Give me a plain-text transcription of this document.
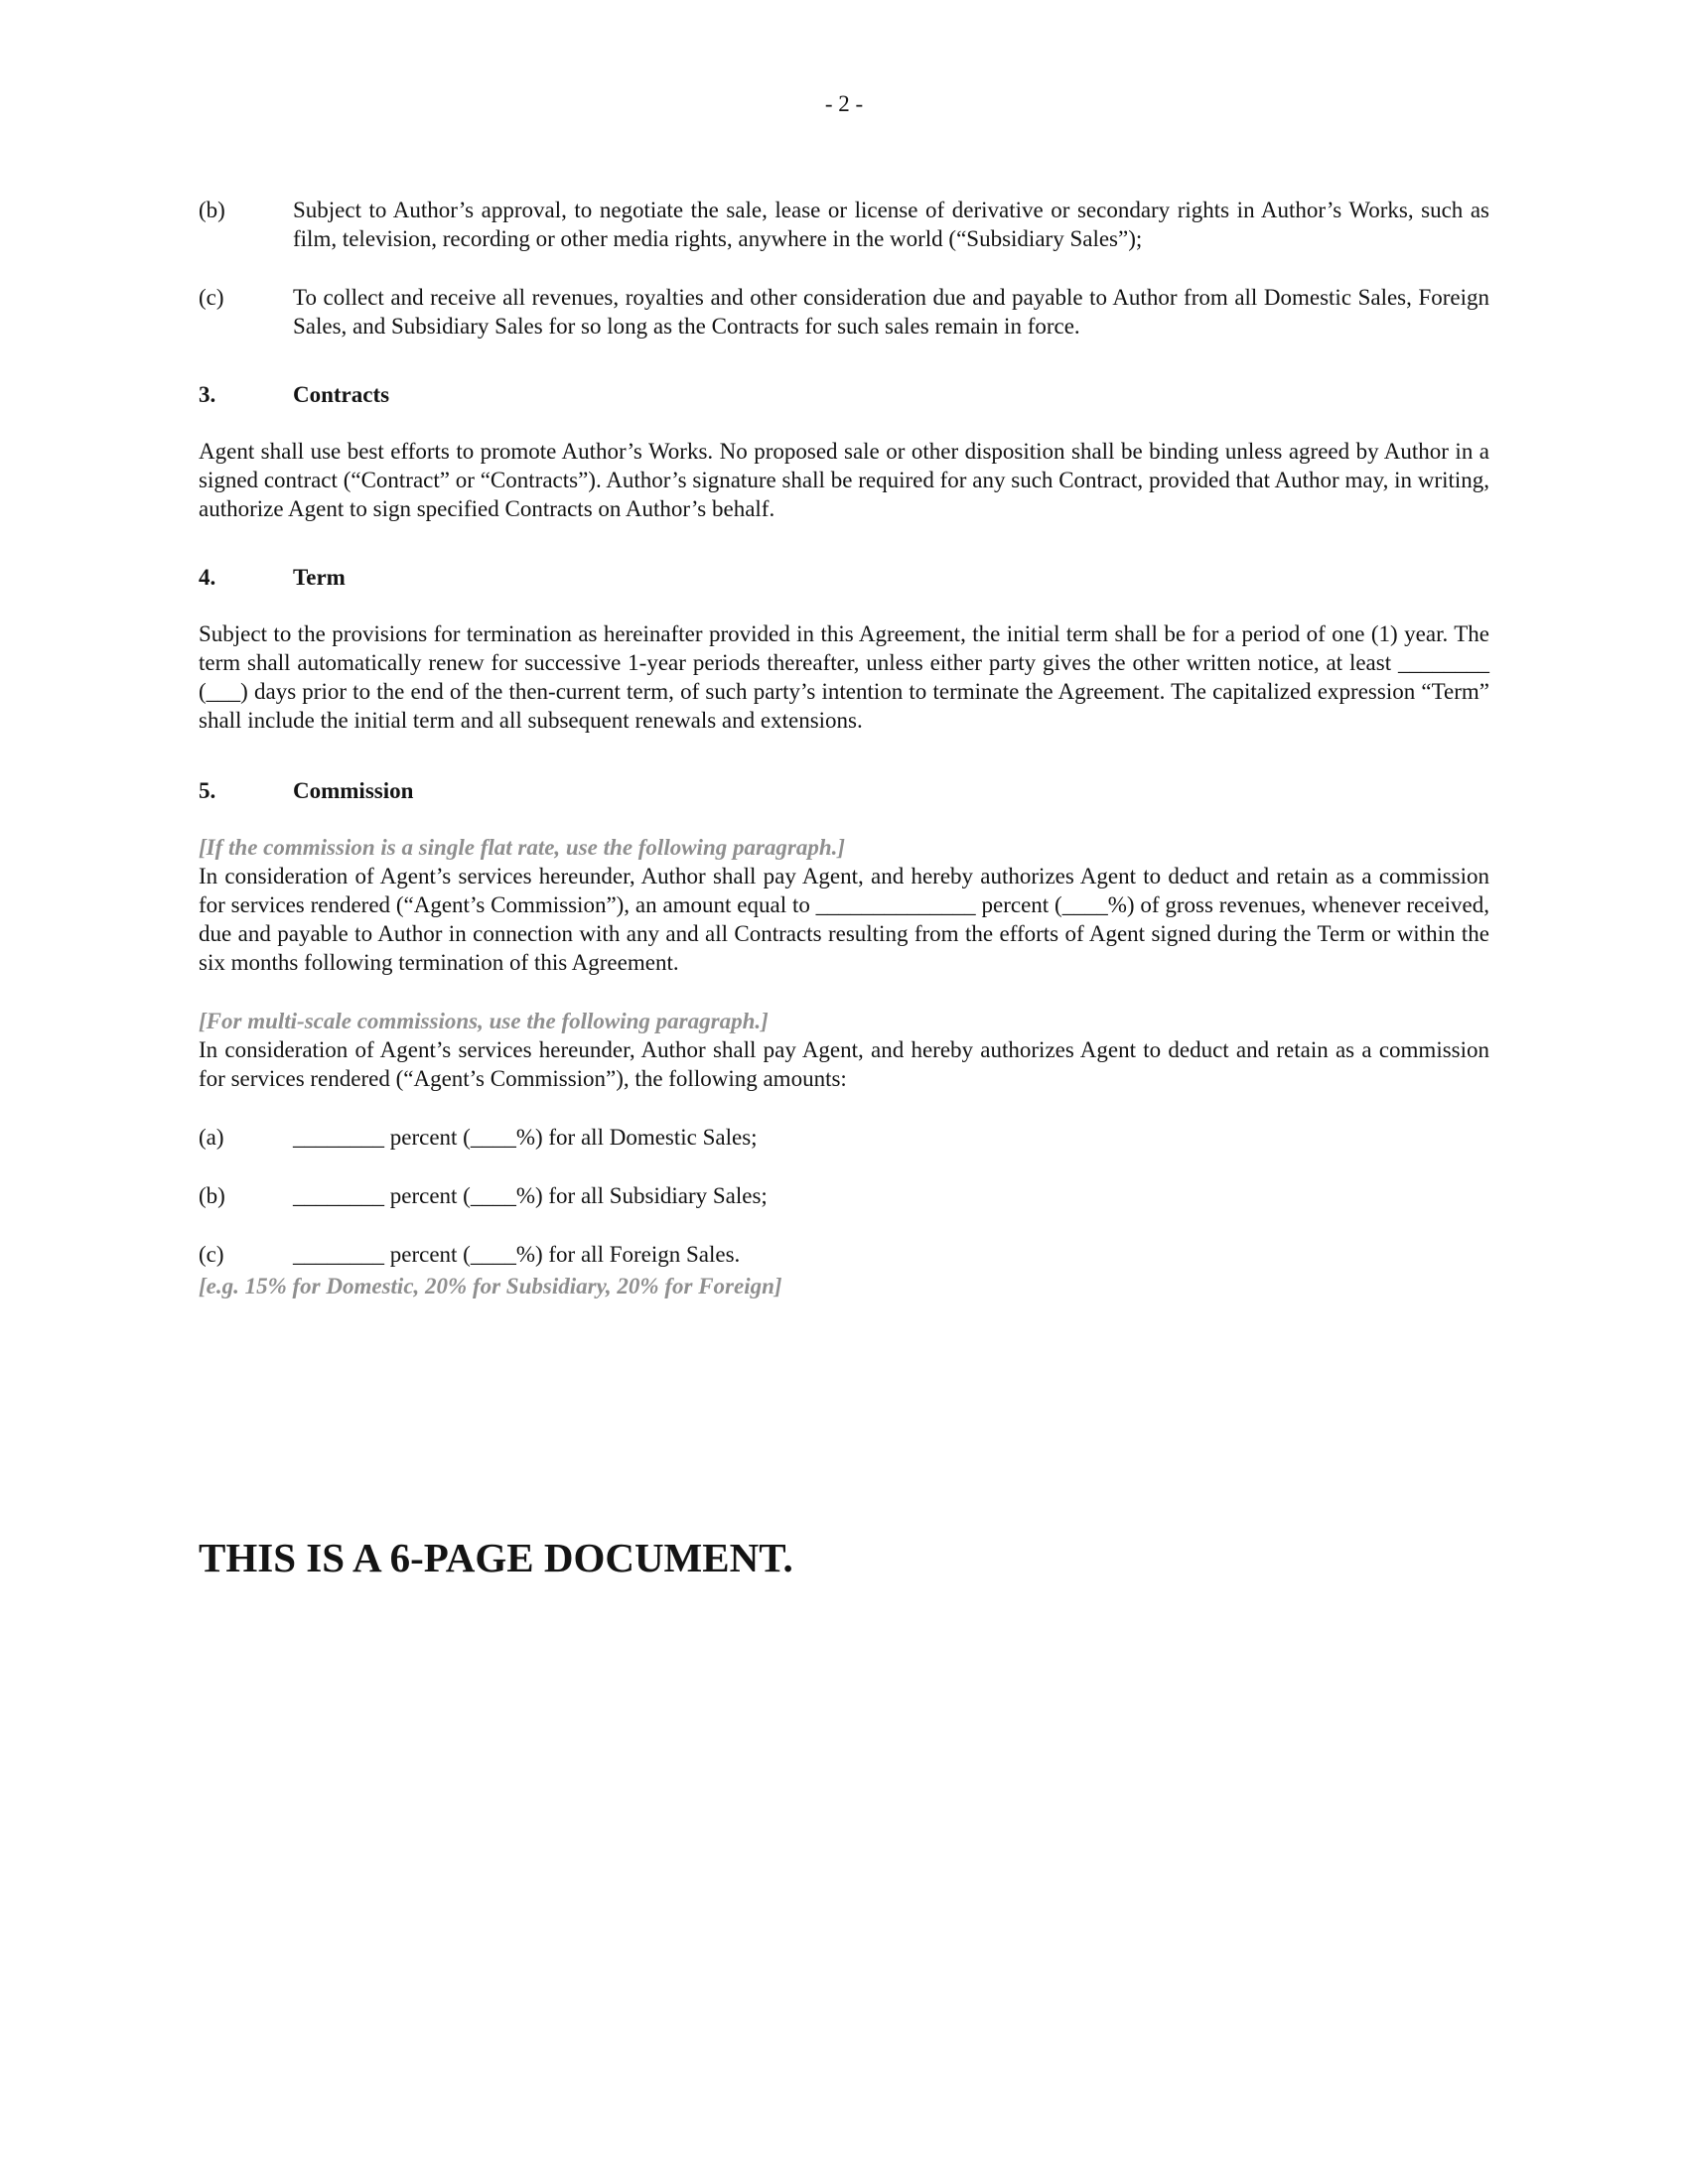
- 2 -
(b)	Subject to Author’s approval, to negotiate the sale, lease or license of derivative or secondary rights in Author’s Works, such as film, television, recording or other media rights, anywhere in the world (“Subsidiary Sales”);
(c)	To collect and receive all revenues, royalties and other consideration due and payable to Author from all Domestic Sales, Foreign Sales, and Subsidiary Sales for so long as the Contracts for such sales remain in force.
3.	Contracts
Agent shall use best efforts to promote Author’s Works. No proposed sale or other disposition shall be binding unless agreed by Author in a signed contract (“Contract” or “Contracts”). Author’s signature shall be required for any such Contract, provided that Author may, in writing, authorize Agent to sign specified Contracts on Author’s behalf.
4.	Term
Subject to the provisions for termination as hereinafter provided in this Agreement, the initial term shall be for a period of one (1) year. The term shall automatically renew for successive 1-year periods thereafter, unless either party gives the other written notice, at least ________ (___) days prior to the end of the then-current term, of such party’s intention to terminate the Agreement. The capitalized expression “Term” shall include the initial term and all subsequent renewals and extensions.
5.	Commission
[If the commission is a single flat rate, use the following paragraph.]
In consideration of Agent’s services hereunder, Author shall pay Agent, and hereby authorizes Agent to deduct and retain as a commission for services rendered (“Agent’s Commission”), an amount equal to ______________ percent (____%) of gross revenues, whenever received, due and payable to Author in connection with any and all Contracts resulting from the efforts of Agent signed during the Term or within the six months following termination of this Agreement.
[For multi-scale commissions, use the following paragraph.]
In consideration of Agent’s services hereunder, Author shall pay Agent, and hereby authorizes Agent to deduct and retain as a commission for services rendered (“Agent’s Commission”), the following amounts:
(a)	________ percent (____%) for all Domestic Sales;
(b)	________ percent (____%) for all Subsidiary Sales;
(c)	________ percent (____%) for all Foreign Sales.
[e.g. 15% for Domestic, 20% for Subsidiary, 20% for Foreign]
THIS IS A 6-PAGE DOCUMENT.
